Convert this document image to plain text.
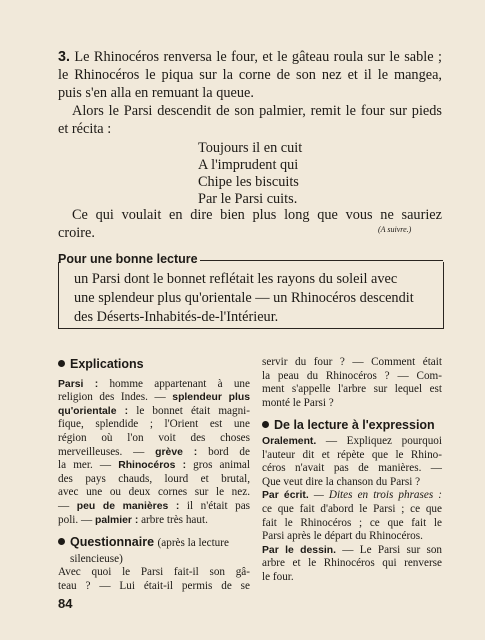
3. Le Rhinocéros renversa le four, et le gâteau roula sur le sable ;
le Rhinocéros le piqua sur la corne de son nez et il le mangea,
puis s'en alla en remuant la queue.
Alors le Parsi descendit de son palmier, remit le four sur pieds
et récita :
Toujours il en cuit
A l'imprudent qui
Chipe les biscuits
Par le Parsi cuits.
Ce qui voulait en dire bien plus long que vous ne sauriez
croire.	(A suivre.)
Pour une bonne lecture
un Parsi dont le bonnet reflétait les rayons du soleil avec
une splendeur plus qu'orientale — un Rhinocéros descendit
des Déserts-Inhabités-de-l'Intérieur.
Explications
Parsi : homme appartenant à une
religion des Indes. — splendeur plus
qu'orientale : le bonnet était magni-
fique, splendide ; l'Orient est une
région où l'on voit des choses
merveilleuses. — grève : bord de
la mer. — Rhinocéros : gros animal
des pays chauds, lourd et brutal,
avec une ou deux cornes sur le nez.
— peu de manières : il n'était pas
poli. — palmier : arbre très haut.
Questionnaire (après la lecture
silencieuse)
Avec quoi le Parsi fait-il son gâ-
teau ? — Lui était-il permis de se
servir du four ? — Comment était
la peau du Rhinocéros ? — Com-
ment s'appelle l'arbre sur lequel est
monté le Parsi ?
De la lecture à l'expression
Oralement. — Expliquez pourquoi
l'auteur dit et répète que le Rhino-
céros n'avait pas de manières. —
Que veut dire la chanson du Parsi ?
Par écrit. — Dites en trois phrases :
ce que fait d'abord le Parsi ; ce que
fait le Rhinocéros ; ce que fait le
Parsi après le départ du Rhinocéros.
Par le dessin. — Le Parsi sur son
arbre et le Rhinocéros qui renverse
le four.
84
